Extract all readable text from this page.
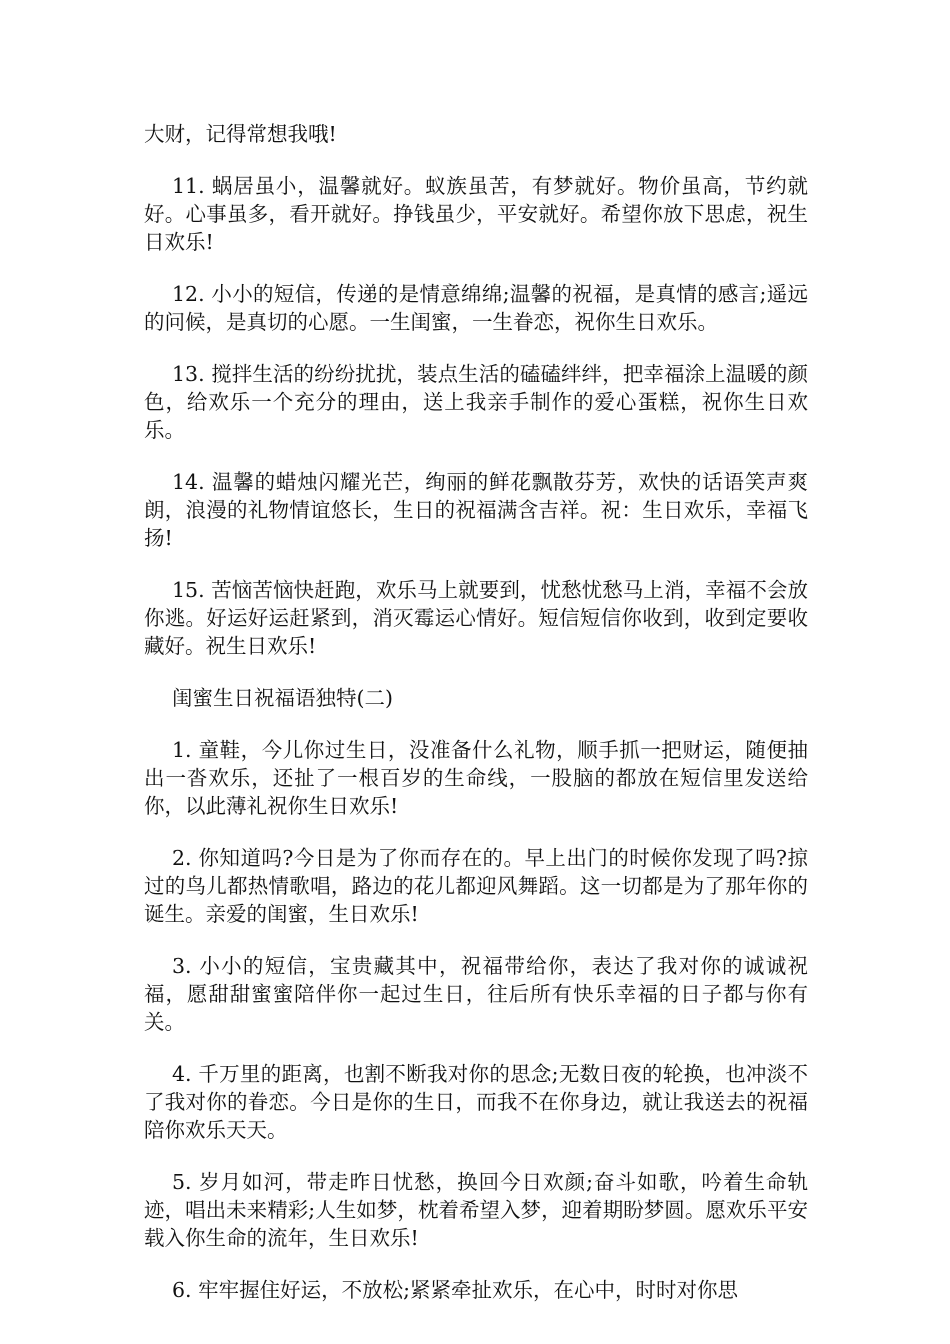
大财，记得常想我哦!

11. 蜗居虽小，温馨就好。蚁族虽苦，有梦就好。物价虽高，节约就好。心事虽多，看开就好。挣钱虽少，平安就好。希望你放下思虑，祝生日欢乐!

12. 小小的短信，传递的是情意绵绵;温馨的祝福，是真情的感言;遥远的问候，是真切的心愿。一生闺蜜，一生眷恋，祝你生日欢乐。

13. 搅拌生活的纷纷扰扰，装点生活的磕磕绊绊，把幸福涂上温暖的颜色，给欢乐一个充分的理由，送上我亲手制作的爱心蛋糕，祝你生日欢乐。

14. 温馨的蜡烛闪耀光芒，绚丽的鲜花飘散芬芳，欢快的话语笑声爽朗，浪漫的礼物情谊悠长，生日的祝福满含吉祥。祝：生日欢乐，幸福飞扬!

15. 苦恼苦恼快赶跑，欢乐马上就要到，忧愁忧愁马上消，幸福不会放你逃。好运好运赶紧到，消灭霉运心情好。短信短信你收到，收到定要收藏好。祝生日欢乐!

闺蜜生日祝福语独特(二)

1. 童鞋，今儿你过生日，没准备什么礼物，顺手抓一把财运，随便抽出一沓欢乐，还扯了一根百岁的生命线，一股脑的都放在短信里发送给你，以此薄礼祝你生日欢乐!

2. 你知道吗?今日是为了你而存在的。早上出门的时候你发现了吗?掠过的鸟儿都热情歌唱，路边的花儿都迎风舞蹈。这一切都是为了那年你的诞生。亲爱的闺蜜，生日欢乐!

3. 小小的短信，宝贵藏其中，祝福带给你，表达了我对你的诚诚祝福，愿甜甜蜜蜜陪伴你一起过生日，往后所有快乐幸福的日子都与你有关。

4. 千万里的距离，也割不断我对你的思念;无数日夜的轮换，也冲淡不了我对你的眷恋。今日是你的生日，而我不在你身边，就让我送去的祝福陪你欢乐天天。

5. 岁月如河，带走昨日忧愁，换回今日欢颜;奋斗如歌，吟着生命轨迹，唱出未来精彩;人生如梦，枕着希望入梦，迎着期盼梦圆。愿欢乐平安载入你生命的流年，生日欢乐!

6. 牢牢握住好运，不放松;紧紧牵扯欢乐，在心中，时时对你思
